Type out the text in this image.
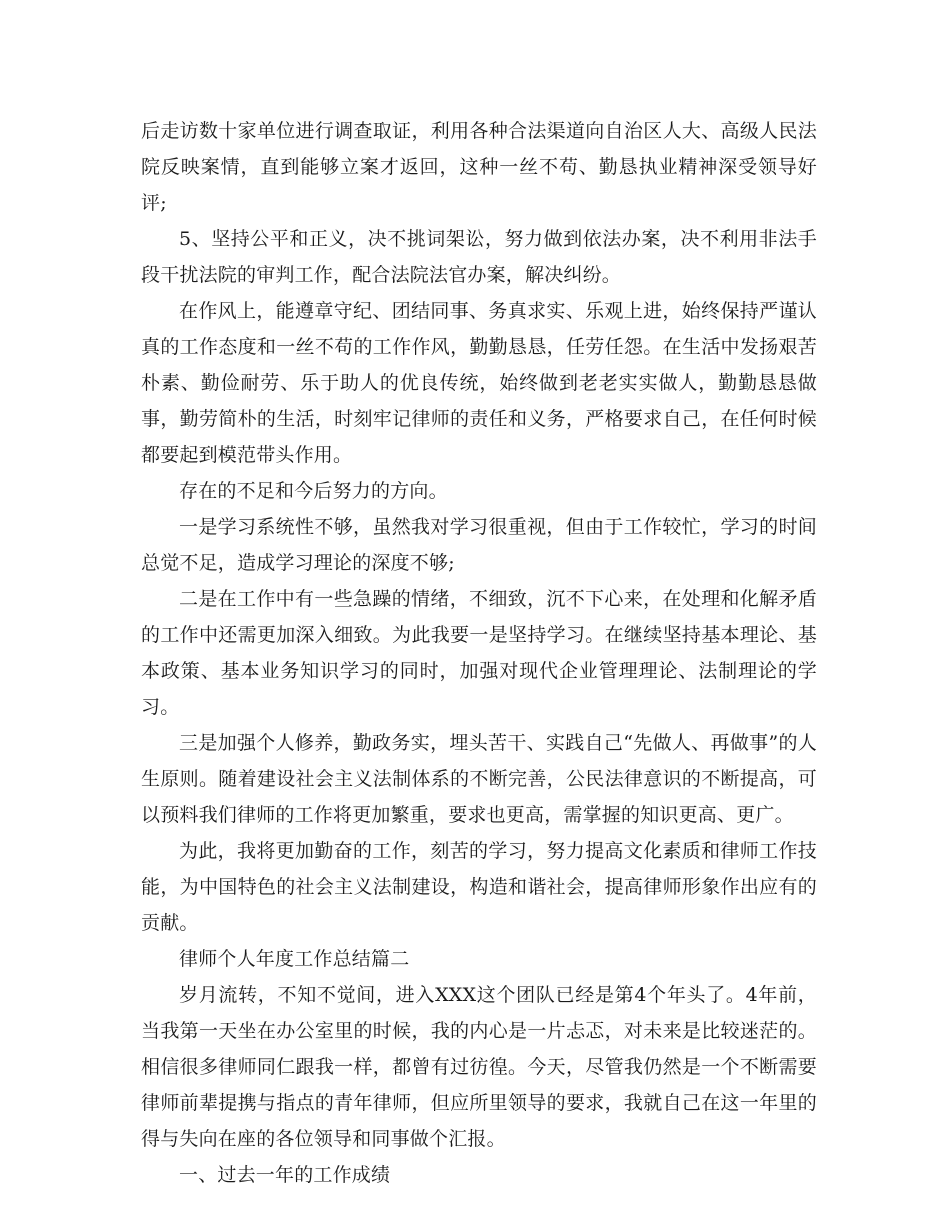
后走访数十家单位进行调查取证，利用各种合法渠道向自治区人大、高级人民法院反映案情，直到能够立案才返回，这种一丝不苟、勤恳执业精神深受领导好评;

5、坚持公平和正义，决不挑词架讼，努力做到依法办案，决不利用非法手段干扰法院的审判工作，配合法院法官办案，解决纠纷。

在作风上，能遵章守纪、团结同事、务真求实、乐观上进，始终保持严谨认真的工作态度和一丝不苟的工作作风，勤勤恳恳，任劳任怨。在生活中发扬艰苦朴素、勤俭耐劳、乐于助人的优良传统，始终做到老老实实做人，勤勤恳恳做事，勤劳简朴的生活，时刻牢记律师的责任和义务，严格要求自己，在任何时候都要起到模范带头作用。

存在的不足和今后努力的方向。

一是学习系统性不够，虽然我对学习很重视，但由于工作较忙，学习的时间总觉不足，造成学习理论的深度不够;

二是在工作中有一些急躁的情绪，不细致，沉不下心来，在处理和化解矛盾的工作中还需更加深入细致。为此我要一是坚持学习。在继续坚持基本理论、基本政策、基本业务知识学习的同时，加强对现代企业管理理论、法制理论的学习。

三是加强个人修养，勤政务实，埋头苦干、实践自己“先做人、再做事”的人生原则。随着建设社会主义法制体系的不断完善，公民法律意识的不断提高，可以预料我们律师的工作将更加繁重，要求也更高，需掌握的知识更高、更广。

为此，我将更加勤奋的工作，刻苦的学习，努力提高文化素质和律师工作技能，为中国特色的社会主义法制建设，构造和谐社会，提高律师形象作出应有的贡献。

律师个人年度工作总结篇二

岁月流转，不知不觉间，进入XXX这个团队已经是第4个年头了。4年前，当我第一天坐在办公室里的时候，我的内心是一片忐忑，对未来是比较迷茫的。相信很多律师同仁跟我一样，都曾有过彷徨。今天，尽管我仍然是一个不断需要律师前辈提携与指点的青年律师，但应所里领导的要求，我就自己在这一年里的得与失向在座的各位领导和同事做个汇报。

一、过去一年的工作成绩
